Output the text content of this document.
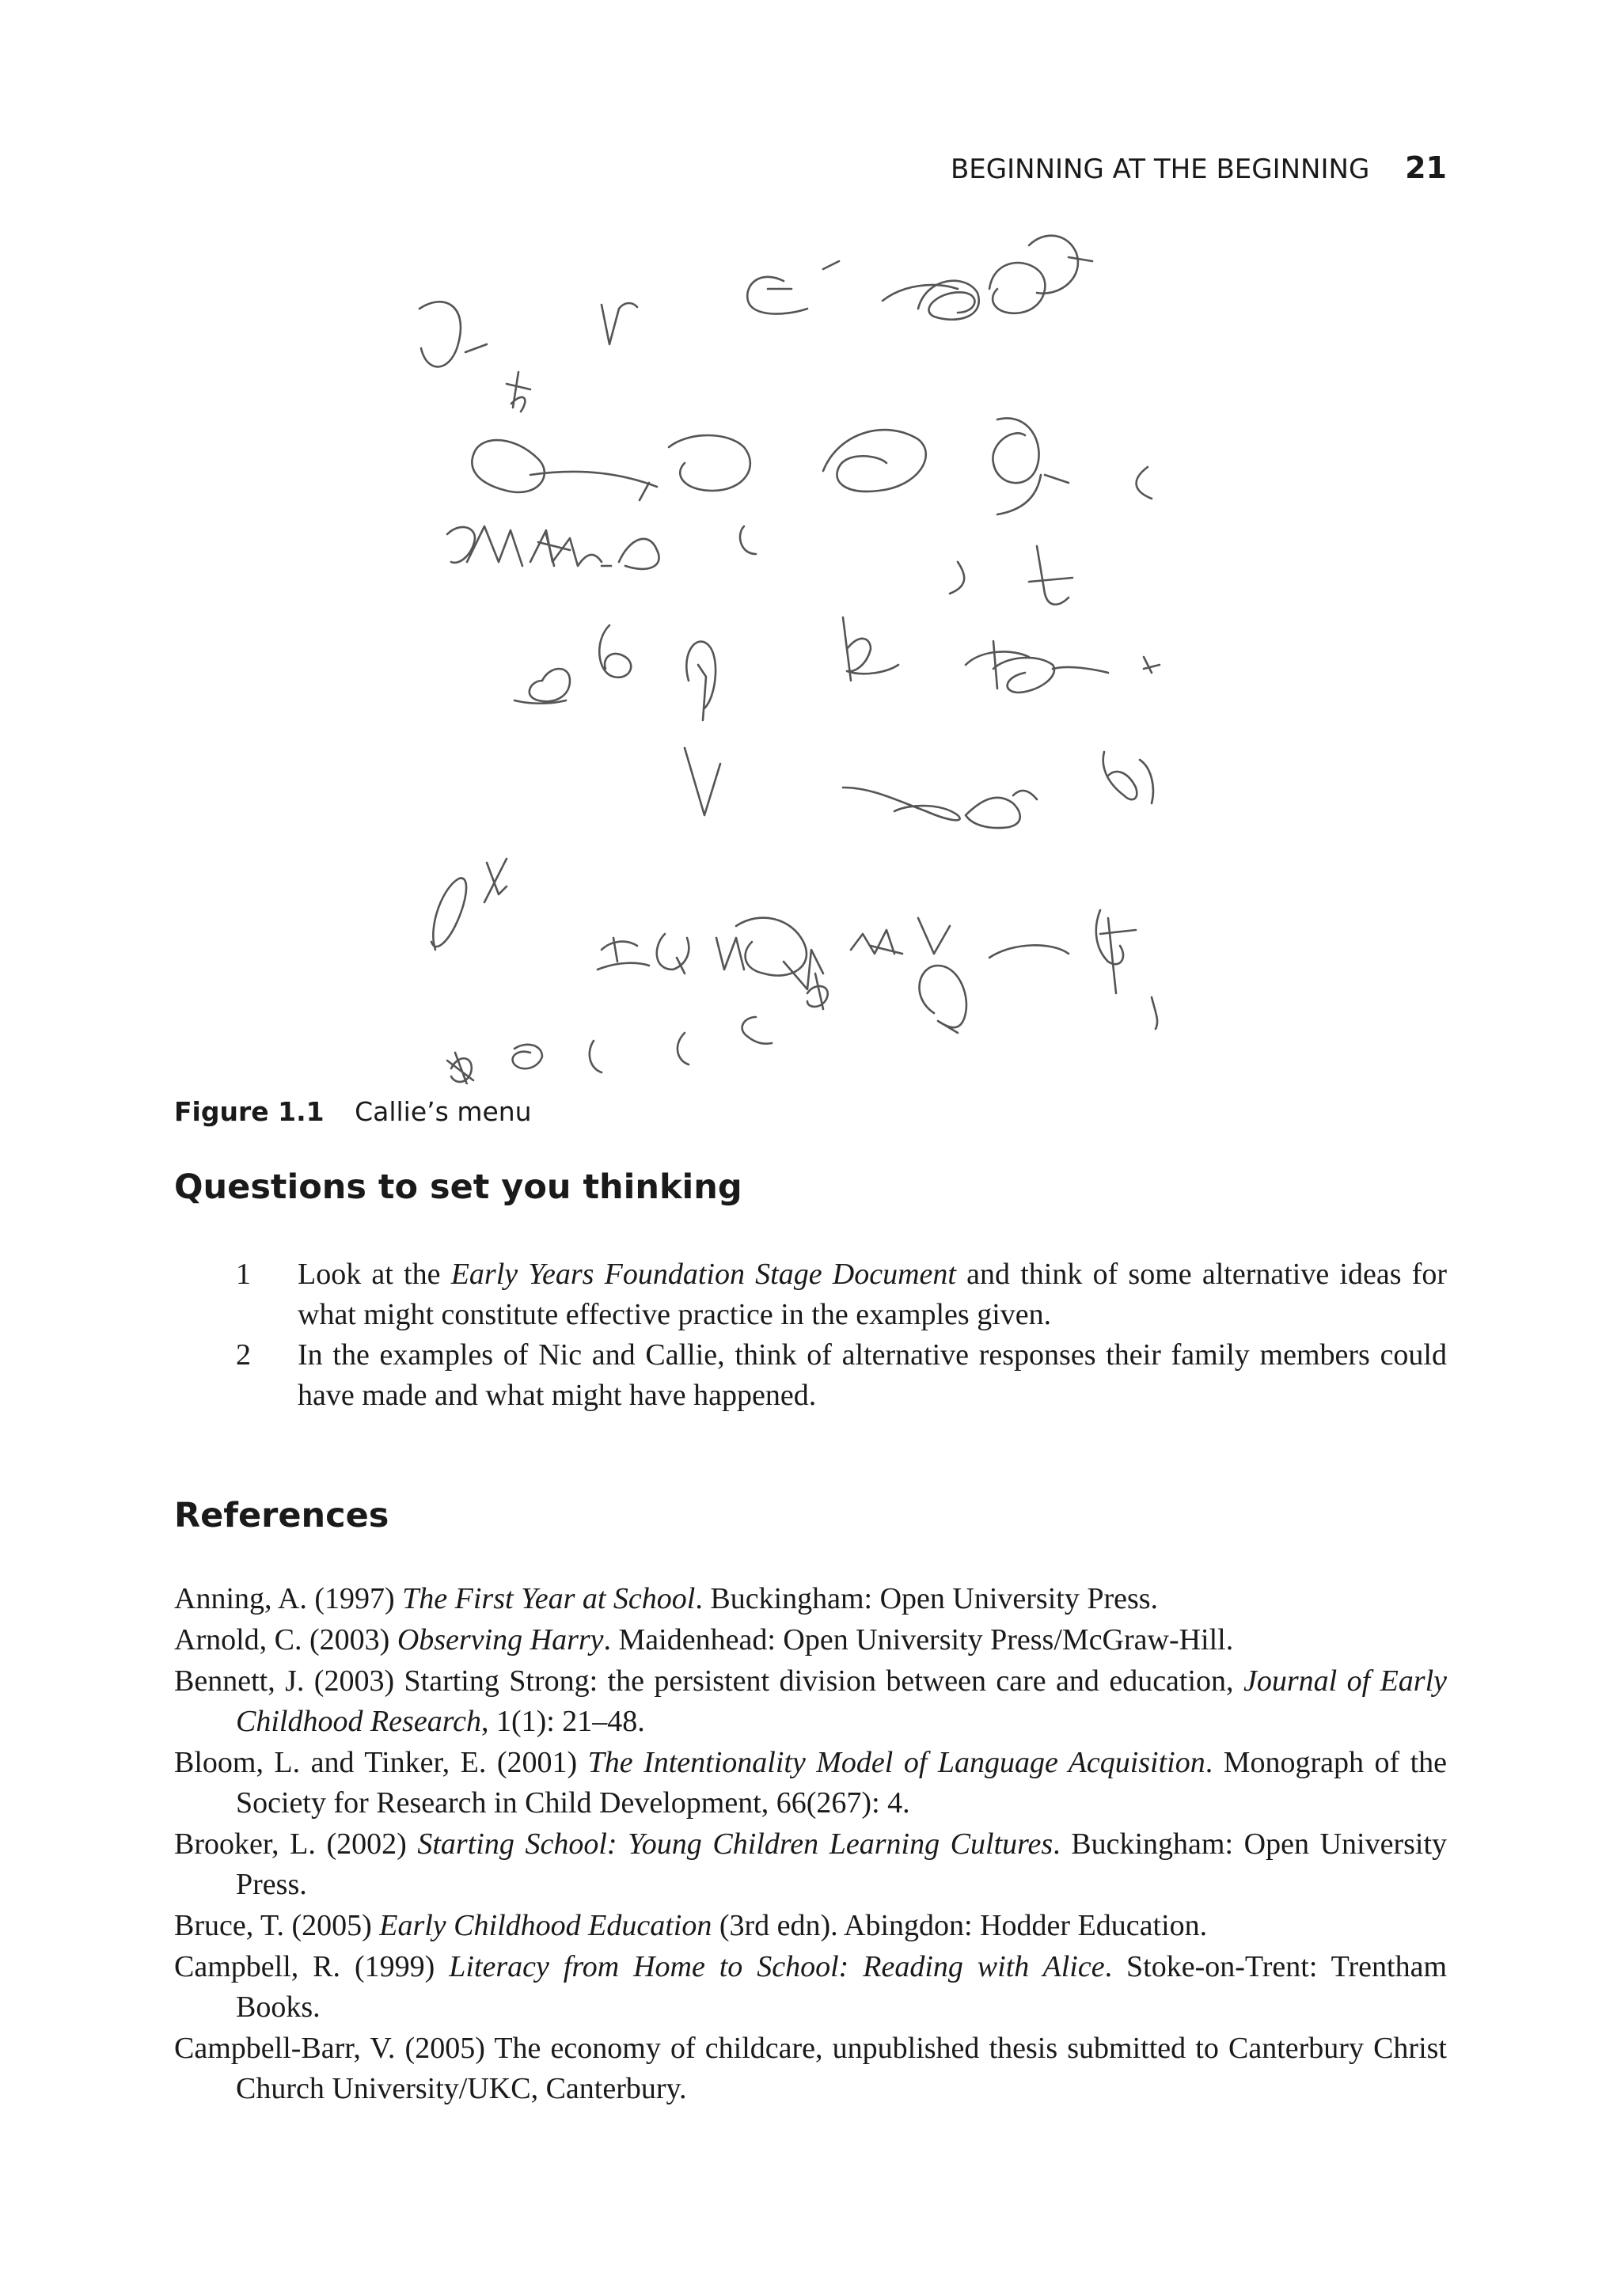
BEGINNING AT THE BEGINNING 21
Figure 1.1 Callie’s menu
Questions to set you thinking
1 Look at the Early Years Foundation Stage Document and think of some alternative ideas for what might constitute effective practice in the examples given.
2 In the examples of Nic and Callie, think of alternative responses their family members could have made and what might have happened.
References

Anning, A. (1997) The First Year at School. Buckingham: Open University Press.

Arnold, C. (2003) Observing Harry. Maidenhead: Open University Press/McGraw-Hill.

Bennett, J. (2003) Starting Strong: the persistent division between care and education, Journal of Early Childhood Research, 1(1): 21–48.

Bloom, L. and Tinker, E. (2001) The Intentionality Model of Language Acquisition. Monograph of the Society for Research in Child Development, 66(267): 4.

Brooker, L. (2002) Starting School: Young Children Learning Cultures. Buckingham: Open University Press.

Bruce, T. (2005) Early Childhood Education (3rd edn). Abingdon: Hodder Education.

Campbell, R. (1999) Literacy from Home to School: Reading with Alice. Stoke-on-Trent: Trentham Books.

Campbell-Barr, V. (2005) The economy of childcare, unpublished thesis submitted to Canterbury Christ Church University/UKC, Canterbury.
